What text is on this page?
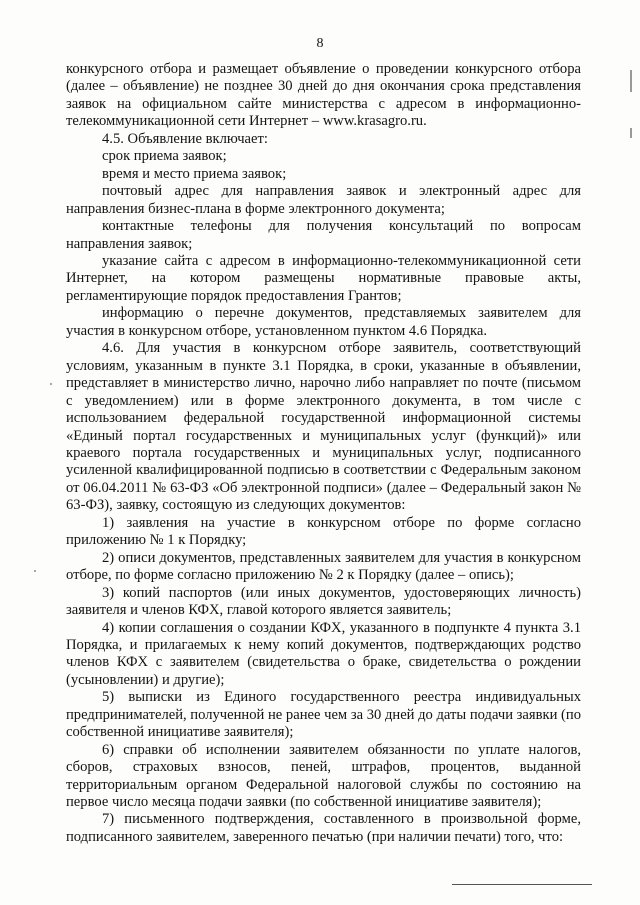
8

конкурсного отбора и размещает объявление о проведении конкурсного отбора (далее – объявление) не позднее 30 дней до дня окончания срока представления заявок на официальном сайте министерства с адресом в информационно-телекоммуникационной сети Интернет – www.krasagro.ru.

4.5. Объявление включает:

срок приема заявок;

время и место приема заявок;

почтовый адрес для направления заявок и электронный адрес для направления бизнес-плана в форме электронного документа;

контактные телефоны для получения консультаций по вопросам направления заявок;

указание сайта с адресом в информационно-телекоммуникационной сети Интернет, на котором размещены нормативные правовые акты, регламентирующие порядок предоставления Грантов;

информацию о перечне документов, представляемых заявителем для участия в конкурсном отборе, установленном пунктом 4.6 Порядка.

4.6. Для участия в конкурсном отборе заявитель, соответствующий условиям, указанным в пункте 3.1 Порядка, в сроки, указанные в объявлении, представляет в министерство лично, нарочно либо направляет по почте (письмом с уведомлением) или в форме электронного документа, в том числе с использованием федеральной государственной информационной системы «Единый портал государственных и муниципальных услуг (функций)» или краевого портала государственных и муниципальных услуг, подписанного усиленной квалифицированной подписью в соответствии с Федеральным законом от 06.04.2011 № 63-ФЗ «Об электронной подписи» (далее – Федеральный закон № 63-ФЗ), заявку, состоящую из следующих документов:

1) заявления на участие в конкурсном отборе по форме согласно приложению № 1 к Порядку;

2) описи документов, представленных заявителем для участия в конкурсном отборе, по форме согласно приложению № 2 к Порядку (далее – опись);

3) копий паспортов (или иных документов, удостоверяющих личность) заявителя и членов КФХ, главой которого является заявитель;

4) копии соглашения о создании КФХ, указанного в подпункте 4 пункта 3.1 Порядка, и прилагаемых к нему копий документов, подтверждающих родство членов КФХ с заявителем (свидетельства о браке, свидетельства о рождении (усыновлении) и другие);

5) выписки из Единого государственного реестра индивидуальных предпринимателей, полученной не ранее чем за 30 дней до даты подачи заявки (по собственной инициативе заявителя);

6) справки об исполнении заявителем обязанности по уплате налогов, сборов, страховых взносов, пеней, штрафов, процентов, выданной территориальным органом Федеральной налоговой службы по состоянию на первое число месяца подачи заявки (по собственной инициативе заявителя);

7) письменного подтверждения, составленного в произвольной форме, подписанного заявителем, заверенного печатью (при наличии печати) того, что:
